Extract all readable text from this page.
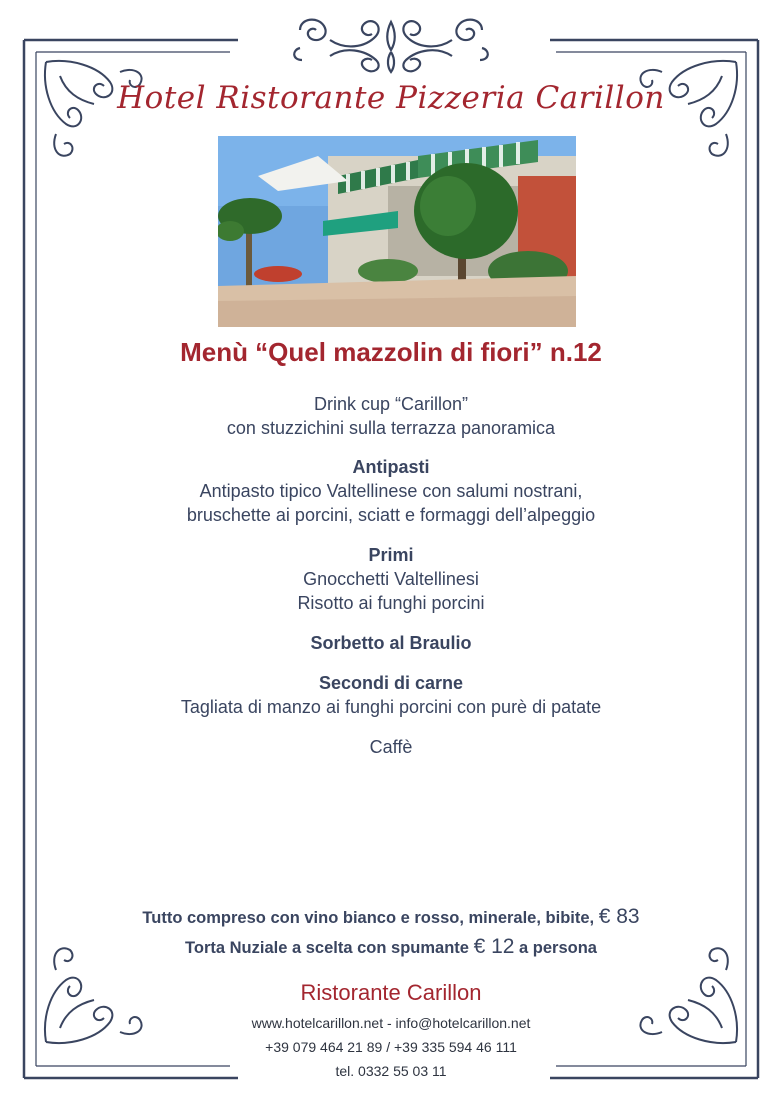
Hotel Ristorante Pizzeria Carillon
Menù “Quel mazzolin di fiori” n.12
Drink cup “Carillon”
con stuzzichini sulla terrazza panoramica
Antipasti
Antipasto tipico Valtellinese con salumi nostrani,
bruschette ai porcini, sciatt e formaggi dell’alpeggio
Primi
Gnocchetti Valtellinesi
Risotto ai funghi porcini
Sorbetto al Braulio
Secondi di carne
Tagliata di manzo ai funghi porcini con purè di patate
Caffè
Tutto compreso con vino bianco e rosso, minerale, bibite, € 83
Torta Nuziale a scelta con spumante € 12 a persona
Ristorante Carillon
www.hotelcarillon.net - info@hotelcarillon.net
+39 079 464 21 89 / +39 335 594 46 111
tel. 0332 55 03 11
